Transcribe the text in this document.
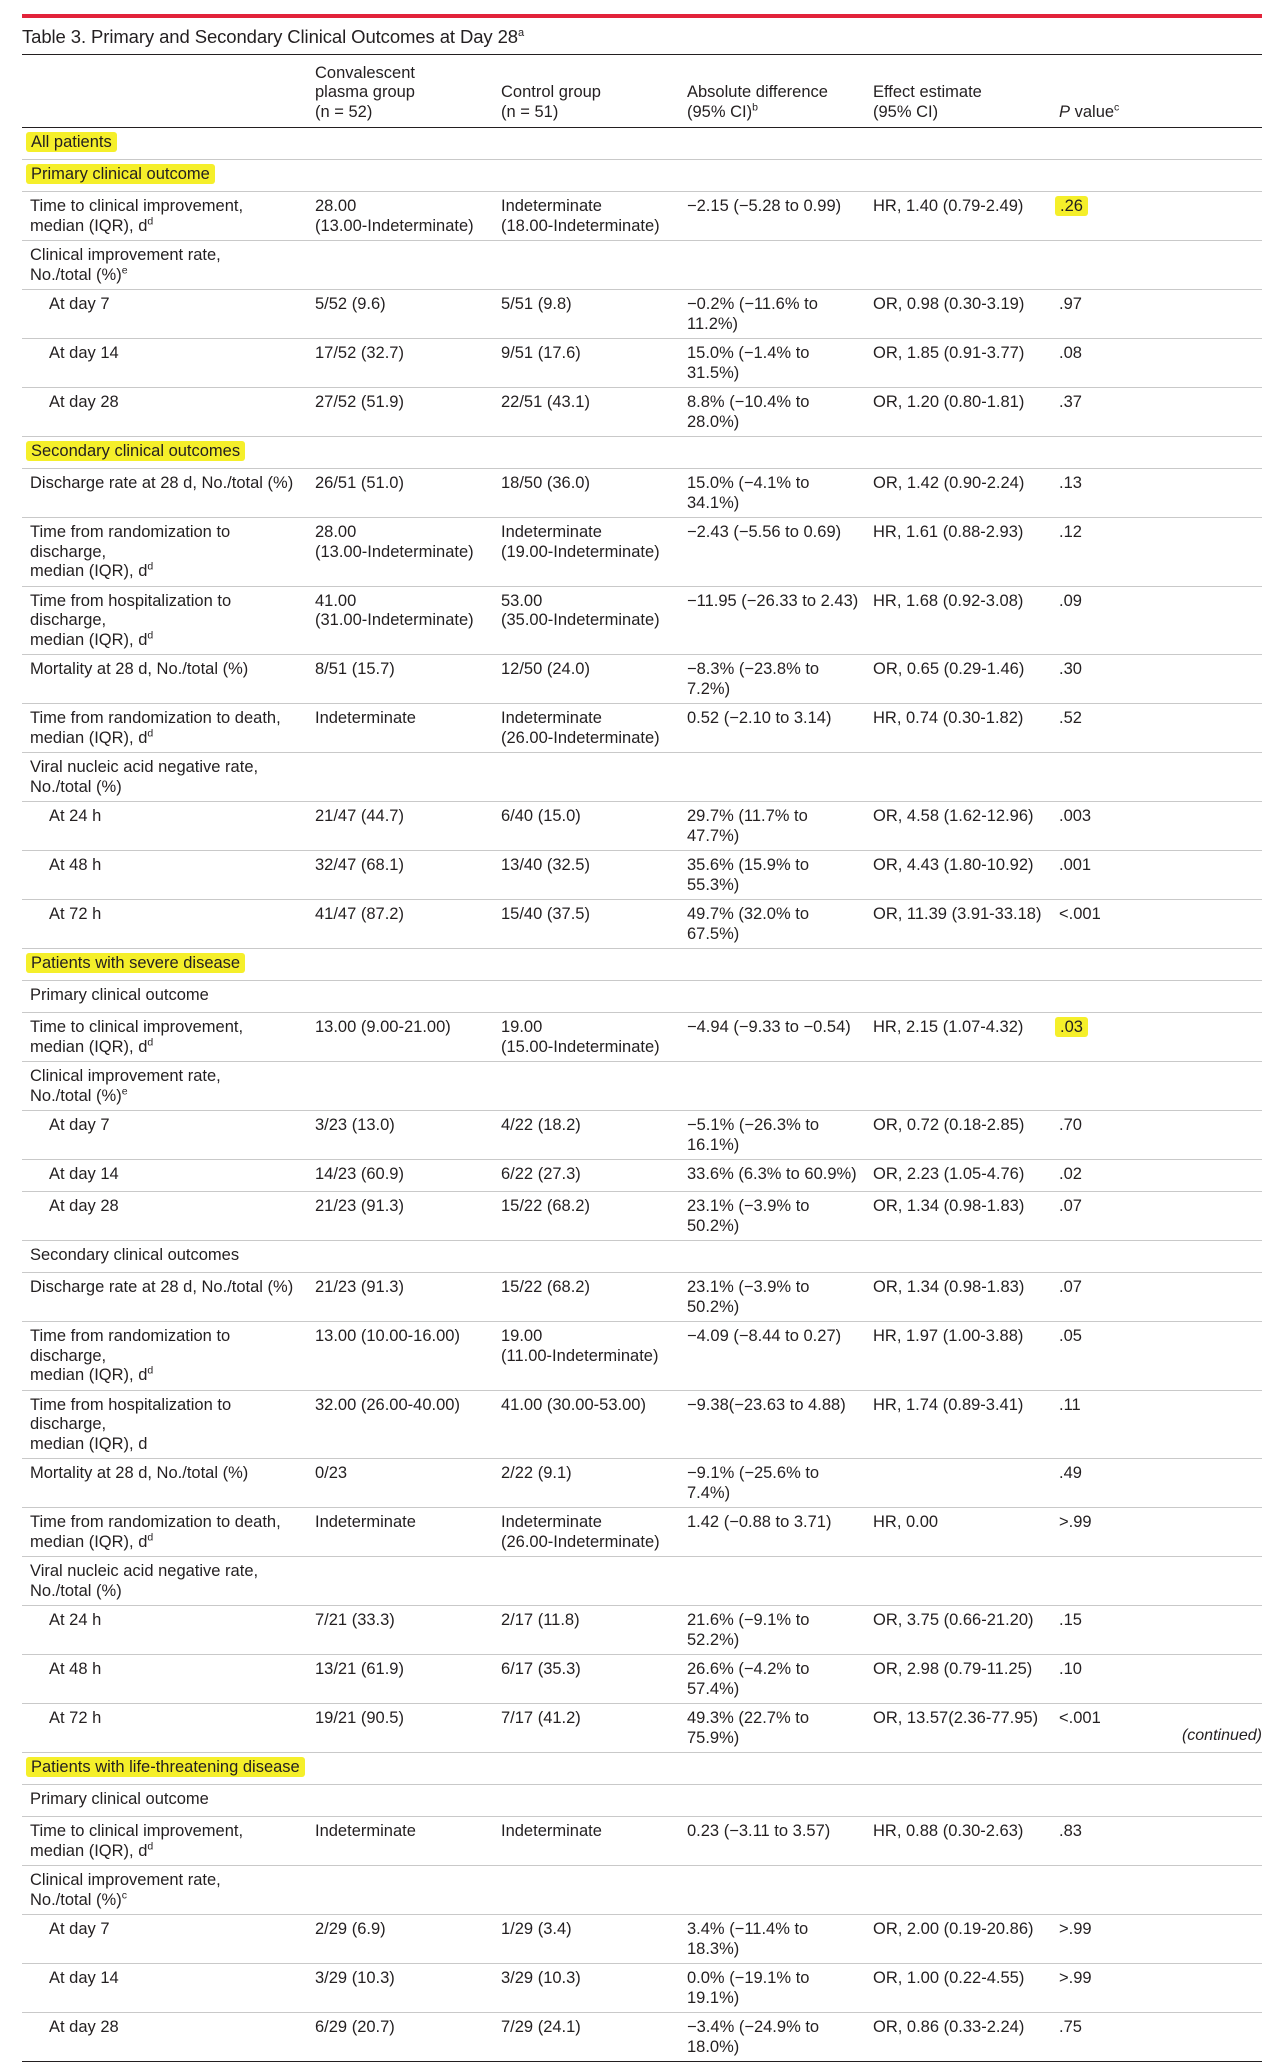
Table 3. Primary and Secondary Clinical Outcomes at Day 28$^a$
	Convalescent
plasma group
(n = 52)	Control group
(n = 51)	Absolute difference
(95% CI)$^b$	Effect estimate
(95% CI)	P value$^c$
All patients					
Primary clinical outcome					
Time to clinical improvement,
median (IQR), $d^d$	28.00
(13.00-Indeterminate)	Indeterminate
(18.00-Indeterminate)	−2.15 (−5.28 to 0.99)	HR, 1.40 (0.79-2.49)	.26
Clinical improvement rate,
No./total (%)$^e$	
At day 7	5/52 (9.6)	5/51 (9.8)	−0.2% (−11.6% to
11.2%)	OR, 0.98 (0.30-3.19)	.97
At day 14	17/52 (32.7)	9/51 (17.6)	15.0% (−1.4% to 31.5%)	OR, 1.85 (0.91-3.77)	.08
At day 28	27/52 (51.9)	22/51 (43.1)	8.8% (−10.4% to 28.0%)	OR, 1.20 (0.80-1.81)	.37
Secondary clinical outcomes					
Discharge rate at 28 d, No./total (%)	26/51 (51.0)	18/50 (36.0)	15.0% (−4.1% to 34.1%)	OR, 1.42 (0.90-2.24)	.13
Time from randomization to discharge,
median (IQR), $d^d$	28.00
(13.00-Indeterminate)	Indeterminate
(19.00-Indeterminate)	−2.43 (−5.56 to 0.69)	HR, 1.61 (0.88-2.93)	.12
Time from hospitalization to discharge,
median (IQR), $d^d$	41.00
(31.00-Indeterminate)	53.00
(35.00-Indeterminate)	−11.95 (−26.33 to 2.43)	HR, 1.68 (0.92-3.08)	.09
Mortality at 28 d, No./total (%)	8/51 (15.7)	12/50 (24.0)	−8.3% (−23.8% to 7.2%)	OR, 0.65 (0.29-1.46)	.30
Time from randomization to death,
median (IQR), $d^d$	Indeterminate	Indeterminate
(26.00-Indeterminate)	0.52 (−2.10 to 3.14)	HR, 0.74 (0.30-1.82)	.52
Viral nucleic acid negative rate,
No./total (%)					
At 24 h	21/47 (44.7)	6/40 (15.0)	29.7% (11.7% to 47.7%)	OR, 4.58 (1.62-12.96)	.003
At 48 h	32/47 (68.1)	13/40 (32.5)	35.6% (15.9% to 55.3%)	OR, 4.43 (1.80-10.92)	.001
At 72 h	41/47 (87.2)	15/40 (37.5)	49.7% (32.0% to 67.5%)	OR, 11.39 (3.91-33.18)	<.001
Patients with severe disease					
Primary clinical outcome					
Time to clinical improvement,
median (IQR), $d^d$	13.00 (9.00-21.00)	19.00
(15.00-Indeterminate)	−4.94 (−9.33 to −0.54)	HR, 2.15 (1.07-4.32)	.03
Clinical improvement rate,
No./total (%)$^e$	
At day 7	3/23 (13.0)	4/22 (18.2)	−5.1% (−26.3% to
16.1%)	OR, 0.72 (0.18-2.85)	.70
At day 14	14/23 (60.9)	6/22 (27.3)	33.6% (6.3% to 60.9%)	OR, 2.23 (1.05-4.76)	.02
At day 28	21/23 (91.3)	15/22 (68.2)	23.1% (−3.9% to 50.2%)	OR, 1.34 (0.98-1.83)	.07
Secondary clinical outcomes					
Discharge rate at 28 d, No./total (%)	21/23 (91.3)	15/22 (68.2)	23.1% (−3.9% to 50.2%)	OR, 1.34 (0.98-1.83)	.07
Time from randomization to discharge,
median (IQR), $d^d$	13.00 (10.00-16.00)	19.00
(11.00-Indeterminate)	−4.09 (−8.44 to 0.27)	HR, 1.97 (1.00-3.88)	.05
Time from hospitalization to discharge,
median (IQR), d	32.00 (26.00-40.00)	41.00 (30.00-53.00)	−9.38(−23.63 to 4.88)	HR, 1.74 (0.89-3.41)	.11
Mortality at 28 d, No./total (%)	0/23	2/22 (9.1)	−9.1% (−25.6% to 7.4%)		.49
Time from randomization to death,
median (IQR), $d^d$	Indeterminate	Indeterminate
(26.00-Indeterminate)	1.42 (−0.88 to 3.71)	HR, 0.00	>.99
Viral nucleic acid negative rate,
No./total (%)					
At 24 h	7/21 (33.3)	2/17 (11.8)	21.6% (−9.1% to 52.2%)	OR, 3.75 (0.66-21.20)	.15
At 48 h	13/21 (61.9)	6/17 (35.3)	26.6% (−4.2% to 57.4%)	OR, 2.98 (0.79-11.25)	.10
At 72 h	19/21 (90.5)	7/17 (41.2)	49.3% (22.7% to 75.9%)	OR, 13.57(2.36-77.95)	<.001
Patients with life-threatening disease					
Primary clinical outcome					
Time to clinical improvement,
median (IQR), $d^d$	Indeterminate	Indeterminate	0.23 (−3.11 to 3.57)	HR, 0.88 (0.30-2.63)	.83
Clinical improvement rate,
No./total (%)$^c$	
At day 7	2/29 (6.9)	1/29 (3.4)	3.4% (−11.4% to 18.3%)	OR, 2.00 (0.19-20.86)	>.99
At day 14	3/29 (10.3)	3/29 (10.3)	0.0% (−19.1% to 19.1%)	OR, 1.00 (0.22-4.55)	>.99
At day 28	6/29 (20.7)	7/29 (24.1)	−3.4% (−24.9% to
18.0%)	OR, 0.86 (0.33-2.24)	.75
(continued)
